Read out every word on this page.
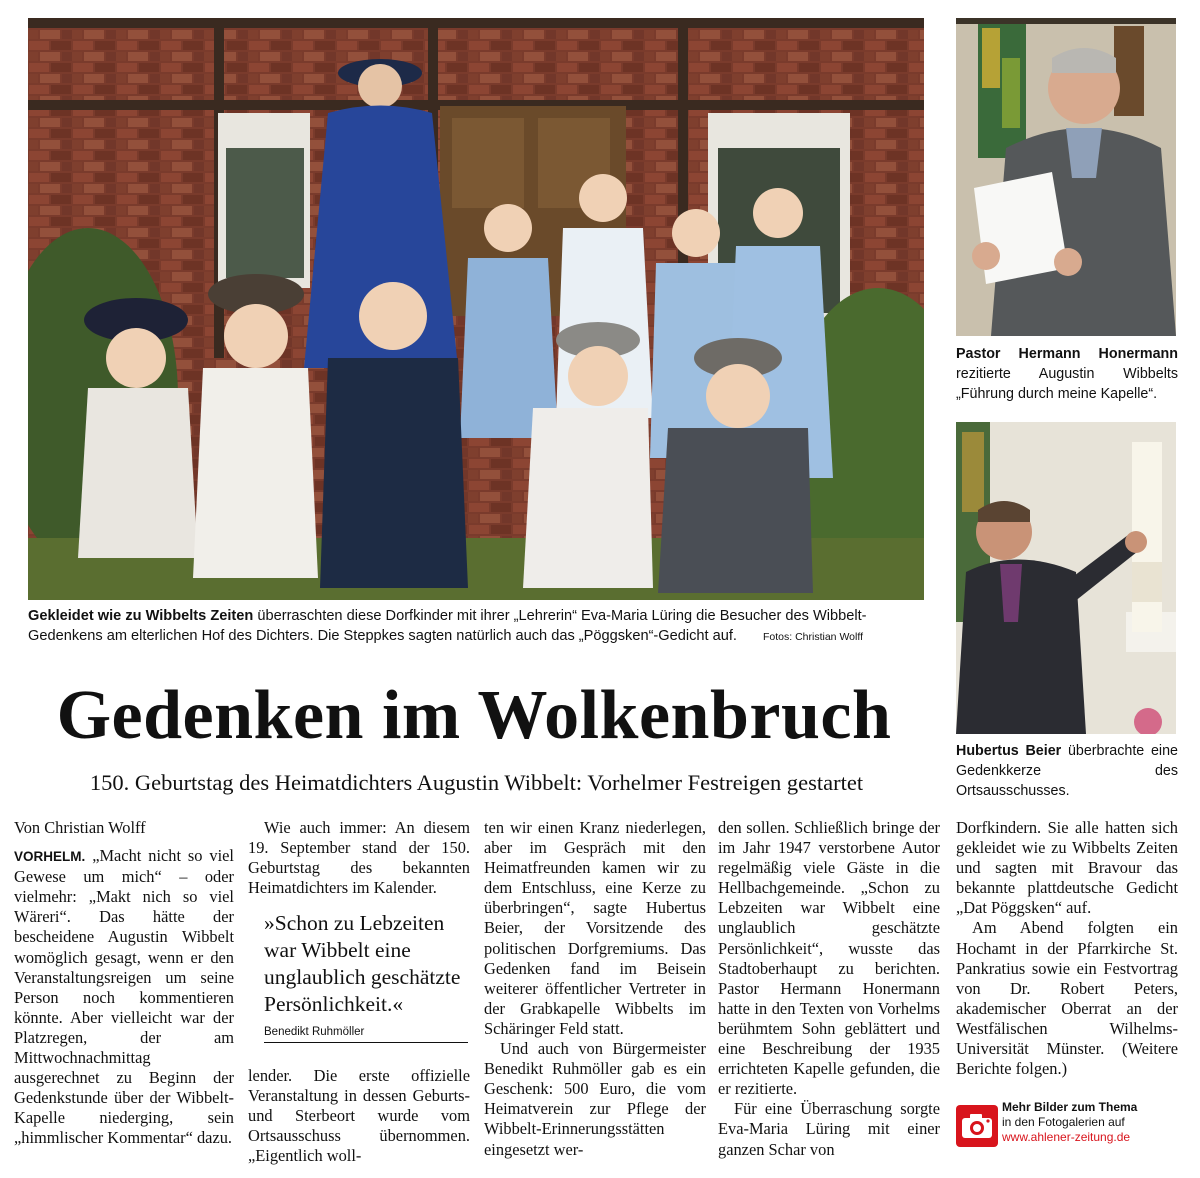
Gekleidet wie zu Wibbelts Zeiten überraschten diese Dorfkinder mit ihrer „Lehrerin“ Eva-Maria Lüring die Besucher des Wibbelt-Gedenkens am elterlichen Hof des Dichters. Die Steppkes sagten natürlich auch das „Pöggsken“-Gedicht auf. Fotos: Christian Wolff
Pastor Hermann Honermann rezitierte Augustin Wibbelts „Führung durch meine Kapelle“.
Hubertus Beier überbrachte eine Gedenkkerze des Ortsausschusses.
Gedenken im Wolkenbruch
150. Geburtstag des Heimatdichters Augustin Wibbelt: Vorhelmer Festreigen gestartet

Von Christian Wolff

VORHELM. „Macht nicht so viel Gewese um mich“ – oder vielmehr: „Makt nich so viel Wäreri“. Das hätte der bescheidene Augustin Wibbelt womöglich gesagt, wenn er den Veranstaltungsreigen um seine Person noch kommentieren könnte. Aber vielleicht war der Platzregen, der am Mittwochnachmittag ausgerechnet zu Beginn der Gedenkstunde über der Wibbelt-Kapelle niederging, sein „himmlischer Kommentar“ dazu.

Wie auch immer: An diesem 19. September stand der 150. Geburtstag des bekannten Heimatdichters im Kalender.

»Schon zu Lebzeiten war Wibbelt eine unglaublich geschätzte Persönlichkeit.«
Benedikt Ruhmöller

lender. Die erste offizielle Veranstaltung in dessen Geburts- und Sterbeort wurde vom Ortsausschuss übernommen. „Eigentlich woll-

ten wir einen Kranz niederlegen, aber im Gespräch mit den Heimatfreunden kamen wir zu dem Entschluss, eine Kerze zu überbringen“, sagte Hubertus Beier, der Vorsitzende des politischen Dorfgremiums. Das Gedenken fand im Beisein weiterer öffentlicher Vertreter in der Grabkapelle Wibbelts im Schäringer Feld statt.

Und auch von Bürgermeister Benedikt Ruhmöller gab es ein Geschenk: 500 Euro, die vom Heimatverein zur Pflege der Wibbelt-Erinnerungsstätten eingesetzt wer-

den sollen. Schließlich bringe der im Jahr 1947 verstorbene Autor regelmäßig viele Gäste in die Hellbachgemeinde. „Schon zu Lebzeiten war Wibbelt eine unglaublich geschätzte Persönlichkeit“, wusste das Stadtoberhaupt zu berichten. Pastor Hermann Honermann hatte in den Texten von Vorhelms berühmtem Sohn geblättert und eine Beschreibung der 1935 errichteten Kapelle gefunden, die er rezitierte.

Für eine Überraschung sorgte Eva-Maria Lüring mit einer ganzen Schar von

Dorfkindern. Sie alle hatten sich gekleidet wie zu Wibbelts Zeiten und sagten mit Bravour das bekannte plattdeutsche Gedicht „Dat Pöggsken“ auf.

Am Abend folgten ein Hochamt in der Pfarrkirche St. Pankratius sowie ein Festvortrag von Dr. Robert Peters, akademischer Oberrat an der Westfälischen Wilhelms-Universität Münster. (Weitere Berichte folgen.)

Mehr Bilder zum Thema
in den Fotogalerien auf
www.ahlener-zeitung.de
